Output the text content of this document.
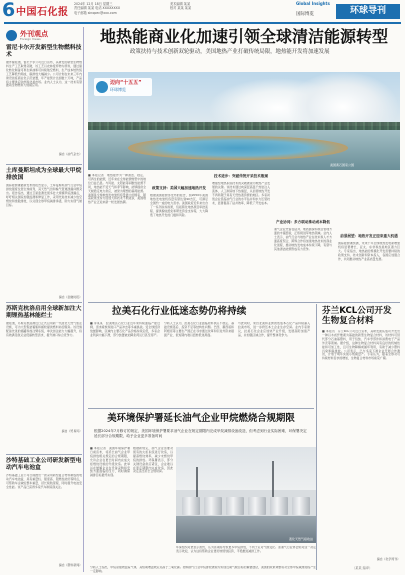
6 中国石化报
2024年 12月 18日 星期三
责任编辑 某某 电话 XXXXXXXX
电子邮箱 sinopec@xxx.com
美术编辑 某某
校对 某某 某某
Global Insights
国际博览	环球导刊
外刊观点
Foreign Views
雷尼卡尔开发新型生物燃料技术
据外媒报道，雷尼卡尔公司近日宣布，其研发的新型生物燃料生产工艺取得突破，该工艺以农林废弃物为原料，通过催化转化制备可再生柴油和可持续航空燃料，生产成本较传统工艺降低约两成，碳排放大幅减少。公司计划在未来三年内建设首座商业化示范装置，年产能预计达到数十万吨，产品将主要供应欧洲和北美市场。业内人士认为，这一技术有望推动生物燃料大规模应用。
摘自《油气杂志》
土库曼斯坦成为全球最大甲烷排放国
国际能源署最新发布的报告显示，土库曼斯坦油气行业甲烷排放强度位居全球前列，其天然气田和输气管道泄漏问题突出。报告指出，通过卫星监测发现多处大规模甲烷泄漏点，呼吁相关国家加强监测和修复工作，采用先进技术减少放空燃烧和逸散排放，以兑现全球甲烷减排承诺，助力实现气候目标。
摘自《金融时报》
苏斯克杭洛启用全球新加注大期锂热基林能烂士
据报道，苏斯克杭洛港近日正式启用新一代液化天然气加注设施，可为大型集装箱船和邮轮提供燃料补给服务。该设施配备先进的储罐和加注臂系统，单次加注能力大幅提升，将有效满足航运业低碳转型需求，提升港口综合竞争力。
摘自《贸易风》
沙特基础工业公司研发新型电动汽车电池盒
沙特基础工业公司日前推出一款采用新型复合材料制成的电动汽车电池盒，具有重量轻、强度高、阻燃性能好等特点，可帮助车企减轻整车重量，延长续航里程，同时提升电池安全性能。该产品已获得多家汽车制造商关注。
摘自《塑料新闻》
地热能商业化加速引领全球清洁能源转型
政策扶持与技术创新双轮驱动，美国地热产业打破传统局限，地热能开发将加速发展
迈向“十五五”
环球博览
美国黄石国家公园
■ 本报记者　地热能作为一种清洁、稳定、可再生的能源，近年来在全球能源转型中的地位日益凸显。与风能、太阳能等间歇性能源不同，地热能不受天气和季节影响，能够提供全天候稳定电力供应，被誉为理想的基荷能源。美国是全球地热发电装机容量最大的国家，随着政策支持力度加大和技术不断进步，美国地热产业正迎来新一轮发展热潮。
政策支持：美国大幅加速地热开发
根据美国能源部发布的报告，到2050年美国地热发电装机容量有望达到90吉瓦，可满足全国约一成的电力需求。美国政府近年来出台了一系列扶持政策，包括简化地热项目审批流程、提供税收抵免和研发资金支持等，大大降低了地热开发的门槛和风险。
技术进步：突破传统开采技术瓶颈
增强型地热系统技术的突破被视为地热产业发展的关键。该技术通过向深层高温干热岩注入流体，人工制造地下热储层，从而使地热开发不再局限于具有天然热液资源的地区。多家初创企业借鉴油气行业的水平钻井和水力压裂技术，显著提高了钻井效率，降低了开发成本。
产业协同：多方联动推动成本降低
油气企业凭借在钻井、地质勘探和项目管理方面的丰富经验，正积极进军地热领域。业内人士表示，油气行业与地热产业在技术和人才方面高度契合，跨界合作将加速地热技术的商业化进程，推动地热发电成本持续下降，有望与其他清洁能源形成有力竞争。
前景展望：地热开发正迎来重大机遇
国际能源署预测，未来十年全球地热发电新增装机将显著增长，亚太、东非和拉美地区潜力巨大。专家指出，地热能的规模化开发需要持续的政策支持、技术创新和资本投入，各国应加强合作，共同推动地热产业高质量发展。
拉美石化行业低迷态势仍将持续
■ 李某某　拉美地区石化行业近年来持续面临产能过剩、需求疲软和进口产品冲击等多重挑战。受全球经济放缓影响，区域内主要石化产品价格持续走低，多家企业利润大幅下滑，部分装置被迫降负荷运行甚至停产。
分析人士认为，拉美石化行业面临原料供应不稳定、基础设施落后、投资不足等结构性问题。巴西、墨西哥和阿根廷等主要生产国正在寻求通过改革和引进外资来提振产业，但短期内难以扭转低迷局面。
与此同时，来自北美和亚洲的低成本石化产品持续涌入拉美市场，进一步挤压本土企业生存空间。业内专家建议，拉美石化企业应加快产业升级，发展高附加值产品，并加强区域合作，提升整体竞争力。
芬兰KCL公司开发生物复合材料
■ 本报讯　芬兰KCL公司近日宣布，其研发团队成功开发出一种以木质纤维素为基础的新型生物复合材料，该材料可替代部分石油基塑料，用于包装、汽车零部件和消费电子产品外壳等领域。据介绍，这种生物复合材料具有良好的机械性能和可加工性，且可生物降解或循环利用，有助于减少塑料污染和碳排放。公司表示，已与多家下游企业开展合作测试，计划于明年实现小规模量产。专家认为，随着全球对可持续材料需求的增加，生物复合材料市场前景广阔。
摘自《化学周刊》
美环境保护署延长油气企业甲烷燃烧合规期限
根据2024年7月修订的规定，美国环境保护署要求油气企业在规定期限内完成甲烷减排设备改造，但考虑到行业实际困难，环保署决定延长部分合规期限，给予企业更多准备时间
■ 本报记者　美国环境保护署日前宣布，将延长油气企业甲烷排放相关规定的合规期限，允许企业在更长时间内完成火炬燃烧设施的升级改造。此举旨在缓解企业在设备采购和安装方面面临的压力，同时确保减排目标最终实现。
根据新规定，油气企业需要对现有的火炬系统进行改造，以提高燃烧效率，减少未燃烧甲烷的排放。环保署表示，部分关键设备供应紧张，企业难以在原定期限内完成改造，因此决定适当延长合规时间。
液化天然气接收站
环保组织对此表示担忧，认为延期将导致更多甲烷排放，不利于应对气候变化。而油气行业协会则对这一决定表示欢迎，认为这将帮助企业更好地规划投资，平稳推进减排工作。
分析人士指出，甲烷是强效温室气体，其短期增温效应远高于二氧化碳。控制油气行业甲烷排放被视为实现近期气候目标的重要途径，美国的政策调整将对全球甲烷减排进程产生一定影响。
（某某 编译）
